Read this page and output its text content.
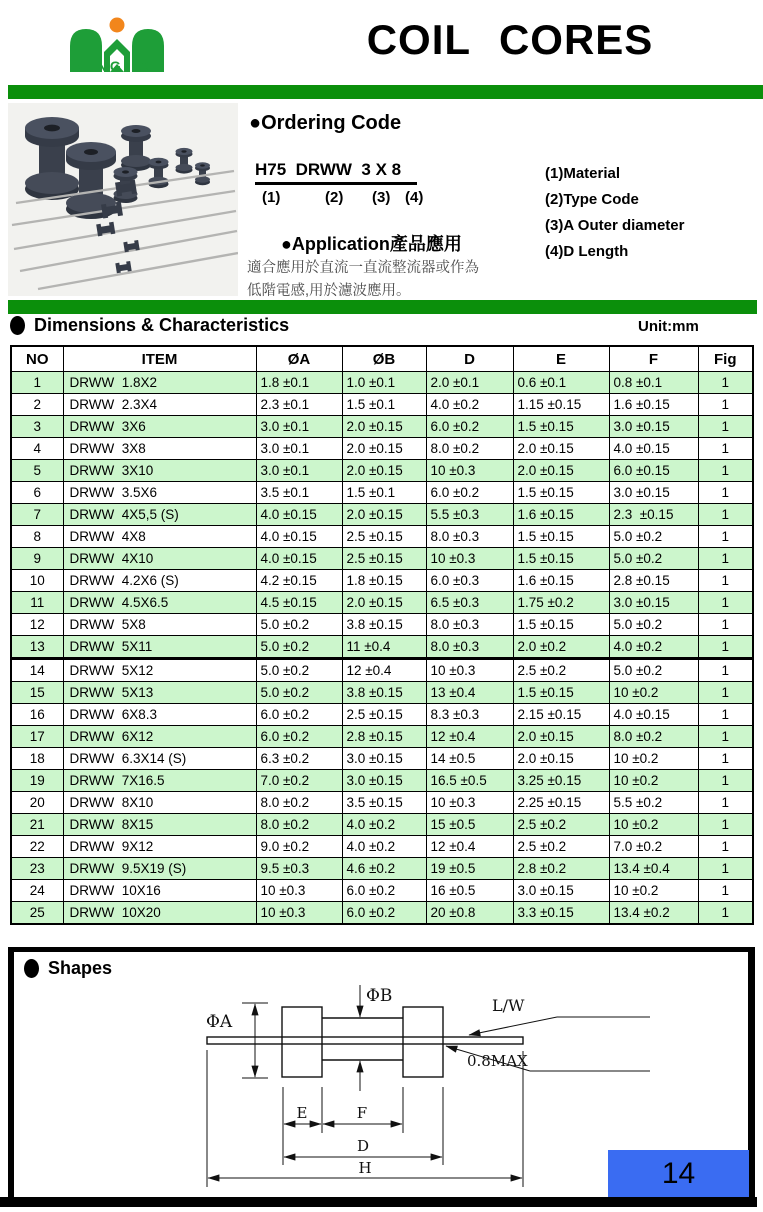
MING CI
COIL CORES
●Ordering Code
H75  DRWW  3 X 8
(1)	(2) (3) (4)
(1)Material
(2)Type Code
(3)A Outer diameter
(4)D Length
●Application產品應用
適合應用於直流一直流整流器或作為
低階電感,用於濾波應用。
Dimensions & Characteristics	Unit:mm
NO	ITEM	ØA	ØB	D	E	F	Fig
1	DRWW  1.8X2	1.8 ±0.1	1.0 ±0.1	2.0 ±0.1	0.6 ±0.1	0.8 ±0.1	1
2	DRWW  2.3X4	2.3 ±0.1	1.5 ±0.1	4.0 ±0.2	1.15 ±0.15	1.6 ±0.15	1
3	DRWW  3X6	3.0 ±0.1	2.0 ±0.15	6.0 ±0.2	1.5 ±0.15	3.0 ±0.15	1
4	DRWW  3X8	3.0 ±0.1	2.0 ±0.15	8.0 ±0.2	2.0 ±0.15	4.0 ±0.15	1
5	DRWW  3X10	3.0 ±0.1	2.0 ±0.15	10 ±0.3	2.0 ±0.15	6.0 ±0.15	1
6	DRWW  3.5X6	3.5 ±0.1	1.5 ±0.1	6.0 ±0.2	1.5 ±0.15	3.0 ±0.15	1
7	DRWW  4X5,5 (S)	4.0 ±0.15	2.0 ±0.15	5.5 ±0.3	1.6 ±0.15	2.3  ±0.15	1
8	DRWW  4X8	4.0 ±0.15	2.5 ±0.15	8.0 ±0.3	1.5 ±0.15	5.0 ±0.2	1
9	DRWW  4X10	4.0 ±0.15	2.5 ±0.15	10 ±0.3	1.5 ±0.15	5.0 ±0.2	1
10	DRWW  4.2X6 (S)	4.2 ±0.15	1.8 ±0.15	6.0 ±0.3	1.6 ±0.15	2.8 ±0.15	1
11	DRWW  4.5X6.5	4.5 ±0.15	2.0 ±0.15	6.5 ±0.3	1.75 ±0.2	3.0 ±0.15	1
12	DRWW  5X8	5.0 ±0.2	3.8 ±0.15	8.0 ±0.3	1.5 ±0.15	5.0 ±0.2	1
13	DRWW  5X11	5.0 ±0.2	11 ±0.4	8.0 ±0.3	2.0 ±0.2	4.0 ±0.2	1
14	DRWW  5X12	5.0 ±0.2	12 ±0.4	10 ±0.3	2.5 ±0.2	5.0 ±0.2	1
15	DRWW  5X13	5.0 ±0.2	3.8 ±0.15	13 ±0.4	1.5 ±0.15	10 ±0.2	1
16	DRWW  6X8.3	6.0 ±0.2	2.5 ±0.15	8.3 ±0.3	2.15 ±0.15	4.0 ±0.15	1
17	DRWW  6X12	6.0 ±0.2	2.8 ±0.15	12 ±0.4	2.0 ±0.15	8.0 ±0.2	1
18	DRWW  6.3X14 (S)	6.3 ±0.2	3.0 ±0.15	14 ±0.5	2.0 ±0.15	10 ±0.2	1
19	DRWW  7X16.5	7.0 ±0.2	3.0 ±0.15	16.5 ±0.5	3.25 ±0.15	10 ±0.2	1
20	DRWW  8X10	8.0 ±0.2	3.5 ±0.15	10 ±0.3	2.25 ±0.15	5.5 ±0.2	1
21	DRWW  8X15	8.0 ±0.2	4.0 ±0.2	15 ±0.5	2.5 ±0.2	10 ±0.2	1
22	DRWW  9X12	9.0 ±0.2	4.0 ±0.2	12 ±0.4	2.5 ±0.2	7.0 ±0.2	1
23	DRWW  9.5X19 (S)	9.5 ±0.3	4.6 ±0.2	19 ±0.5	2.8 ±0.2	13.4 ±0.4	1
24	DRWW  10X16	10 ±0.3	6.0 ±0.2	16 ±0.5	3.0 ±0.15	10 ±0.2	1
25	DRWW  10X20	10 ±0.3	6.0 ±0.2	20 ±0.8	3.3 ±0.15	13.4 ±0.2	1
Shapes
ΦA
ΦB	L/W
0.8MAX
E	F
D
H	14
